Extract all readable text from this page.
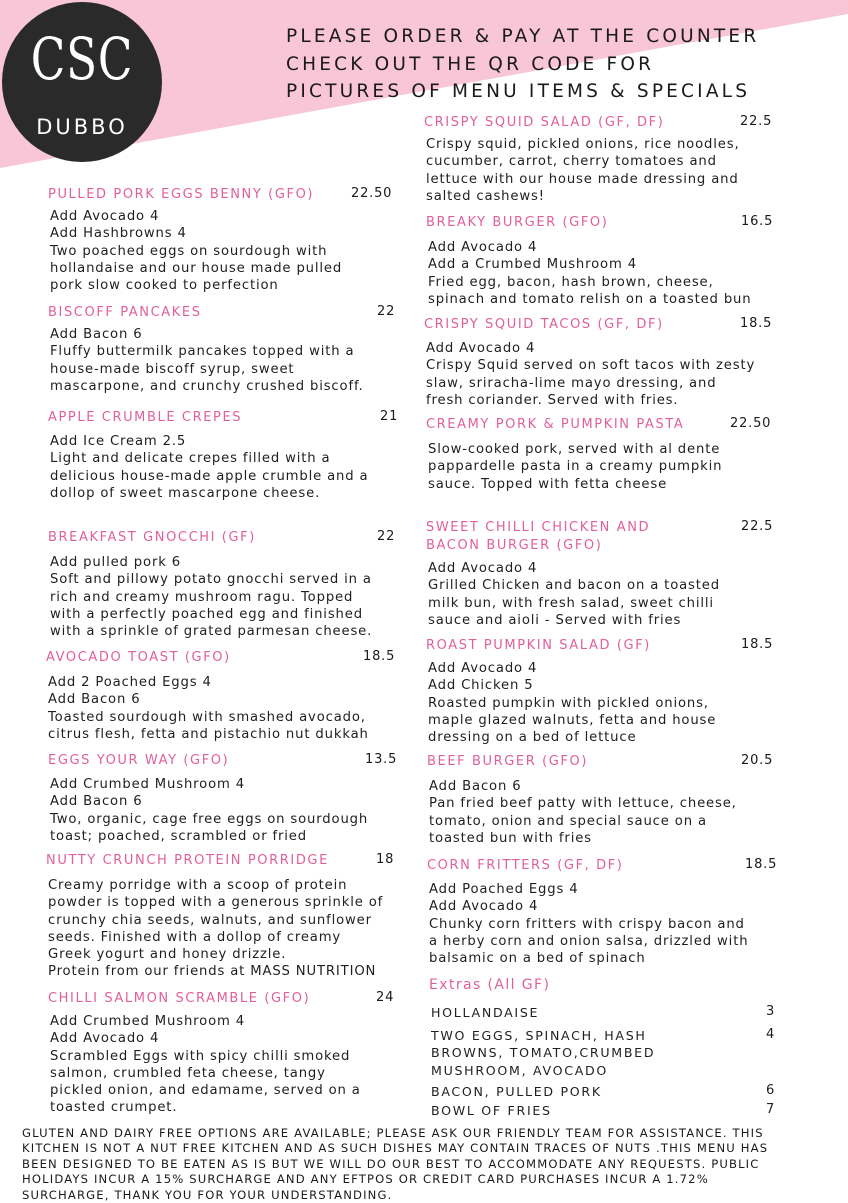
CSC
DUBBO
PLEASE ORDER & PAY AT THE COUNTER
CHECK OUT THE QR CODE FOR
PICTURES OF MENU ITEMS & SPECIALS
PULLED PORK EGGS BENNY (GFO)	22.50
Add Avocado 4
Add Hashbrowns 4
Two poached eggs on sourdough with
hollandaise and our house made pulled
pork slow cooked to perfection
BISCOFF PANCAKES	22
Add Bacon 6
Fluffy buttermilk pancakes topped with a
house-made biscoff syrup, sweet
mascarpone, and crunchy crushed biscoff.
APPLE CRUMBLE CREPES	21
Add Ice Cream 2.5
Light and delicate crepes filled with a
delicious house-made apple crumble and a
dollop of sweet mascarpone cheese.
BREAKFAST GNOCCHI (GF)	22
Add pulled pork 6
Soft and pillowy potato gnocchi served in a
rich and creamy mushroom ragu. Topped
with a perfectly poached egg and finished
with a sprinkle of grated parmesan cheese.
AVOCADO TOAST (GFO)	18.5
Add 2 Poached Eggs 4
Add Bacon 6
Toasted sourdough with smashed avocado,
citrus flesh, fetta and pistachio nut dukkah
EGGS YOUR WAY (GFO)	13.5
Add Crumbed Mushroom 4
Add Bacon 6
Two, organic, cage free eggs on sourdough
toast; poached, scrambled or fried
NUTTY CRUNCH PROTEIN PORRIDGE	18
Creamy porridge with a scoop of protein
powder is topped with a generous sprinkle of
crunchy chia seeds, walnuts, and sunflower
seeds. Finished with a dollop of creamy
Greek yogurt and honey drizzle.
Protein from our friends at MASS NUTRITION
CHILLI SALMON SCRAMBLE (GFO)	24
Add Crumbed Mushroom 4
Add Avocado 4
Scrambled Eggs with spicy chilli smoked
salmon, crumbled feta cheese, tangy
pickled onion, and edamame, served on a
toasted crumpet.
CRISPY SQUID SALAD (GF, DF)	22.5
Crispy squid, pickled onions, rice noodles,
cucumber, carrot, cherry tomatoes and
lettuce with our house made dressing and
salted cashews!
BREAKY BURGER (GFO)	16.5
Add Avocado 4
Add a Crumbed Mushroom 4
Fried egg, bacon, hash brown, cheese,
spinach and tomato relish on a toasted bun
CRISPY SQUID TACOS (GF, DF)	18.5
Add Avocado 4
Crispy Squid served on soft tacos with zesty
slaw, sriracha-lime mayo dressing, and
fresh coriander. Served with fries.
CREAMY PORK & PUMPKIN PASTA	22.50
Slow-cooked pork, served with al dente
pappardelle pasta in a creamy pumpkin
sauce. Topped with fetta cheese
SWEET CHILLI CHICKEN AND
BACON BURGER (GFO)
22.5
Add Avocado 4
Grilled Chicken and bacon on a toasted
milk bun, with fresh salad, sweet chilli
sauce and aioli - Served with fries
ROAST PUMPKIN SALAD (GF)	18.5
Add Avocado 4
Add Chicken 5
Roasted pumpkin with pickled onions,
maple glazed walnuts, fetta and house
dressing on a bed of lettuce
BEEF BURGER (GFO)	20.5
Add Bacon 6
Pan fried beef patty with lettuce, cheese,
tomato, onion and special sauce on a
toasted bun with fries
CORN FRITTERS (GF, DF)	18.5
Add Poached Eggs 4
Add Avocado 4
Chunky corn fritters with crispy bacon and
a herby corn and onion salsa, drizzled with
balsamic on a bed of spinach
Extras (All GF)
HOLLANDAISE	3
TWO EGGS, SPINACH, HASH
BROWNS, TOMATO,CRUMBED
MUSHROOM, AVOCADO
4
BACON, PULLED PORK	6
BOWL OF FRIES	7
GLUTEN AND DAIRY FREE OPTIONS ARE AVAILABLE; PLEASE ASK OUR FRIENDLY TEAM FOR ASSISTANCE. THIS
KITCHEN IS NOT A NUT FREE KITCHEN AND AS SUCH DISHES MAY CONTAIN TRACES OF NUTS .THIS MENU HAS
BEEN DESIGNED TO BE EATEN AS IS BUT WE WILL DO OUR BEST TO ACCOMMODATE ANY REQUESTS. PUBLIC
HOLIDAYS INCUR A 15% SURCHARGE AND ANY EFTPOS OR CREDIT CARD PURCHASES INCUR A 1.72%
SURCHARGE, THANK YOU FOR YOUR UNDERSTANDING.
